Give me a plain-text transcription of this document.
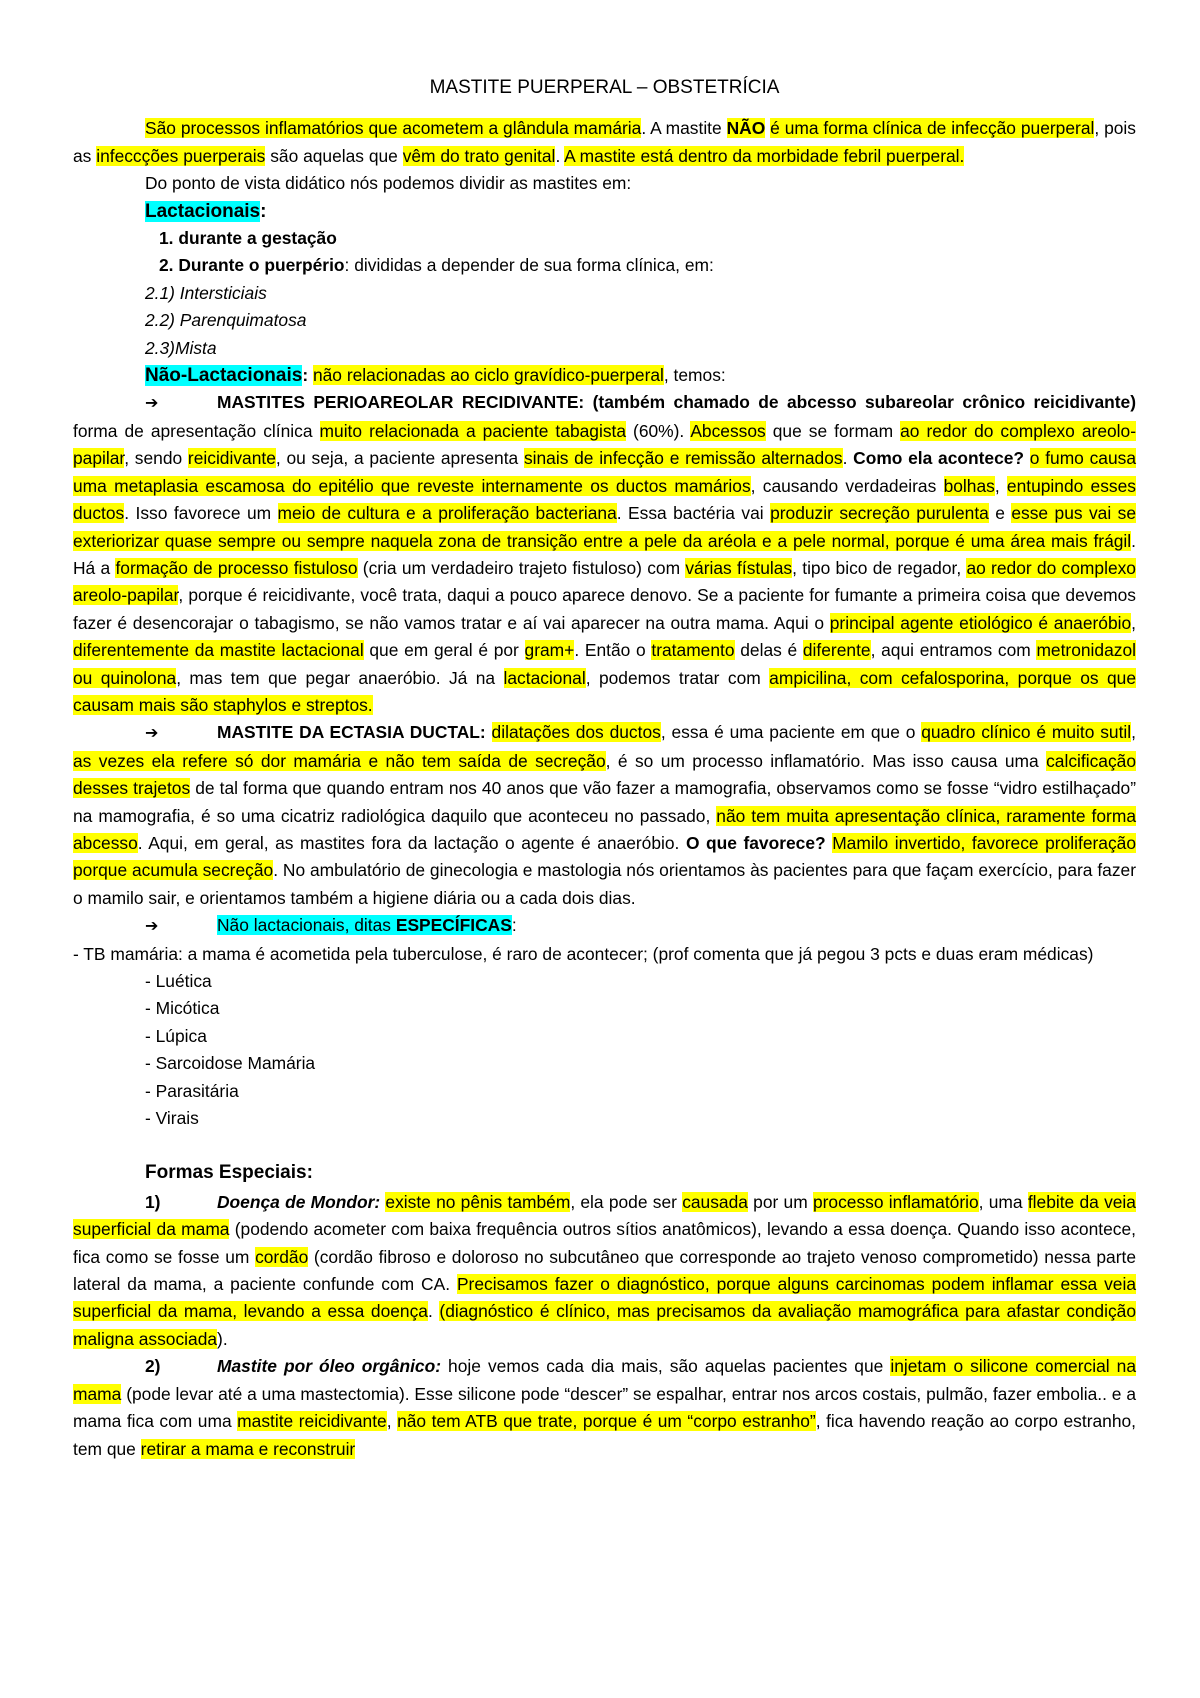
MASTITE PUERPERAL – OBSTETRÍCIA

São processos inflamatórios que acometem a glândula mamária. A mastite NÃO é uma forma clínica de infecção puerperal, pois as infeccções puerperais são aquelas que vêm do trato genital. A mastite está dentro da morbidade febril puerperal.

Do ponto de vista didático nós podemos dividir as mastites em:

Lactacionais:

1. durante a gestação

2. Durante o puerpério: divididas a depender de sua forma clínica, em:

2.1) Intersticiais

2.2) Parenquimatosa

2.3)Mista

Não-Lactacionais: não relacionadas ao ciclo gravídico-puerperal, temos:

➔	MASTITES PERIOAREOLAR RECIDIVANTE: (também chamado de abcesso subareolar crônico reicidivante) forma de apresentação clínica muito relacionada a paciente tabagista (60%). Abcessos que se formam ao redor do complexo areolo-papilar, sendo reicidivante, ou seja, a paciente apresenta sinais de infecção e remissão alternados. Como ela acontece? o fumo causa uma metaplasia escamosa do epitélio que reveste internamente os ductos mamários, causando verdadeiras bolhas, entupindo esses ductos. Isso favorece um meio de cultura e a proliferação bacteriana. Essa bactéria vai produzir secreção purulenta e esse pus vai se exteriorizar quase sempre ou sempre naquela zona de transição entre a pele da aréola e a pele normal, porque é uma área mais frágil. Há a formação de processo fistuloso (cria um verdadeiro trajeto fistuloso) com várias fístulas, tipo bico de regador, ao redor do complexo areolo-papilar, porque é reicidivante, você trata, daqui a pouco aparece denovo. Se a paciente for fumante a primeira coisa que devemos fazer é desencorajar o tabagismo, se não vamos tratar e aí vai aparecer na outra mama. Aqui o principal agente etiológico é anaeróbio, diferentemente da mastite lactacional que em geral é por gram+. Então o tratamento delas é diferente, aqui entramos com metronidazol ou quinolona, mas tem que pegar anaeróbio. Já na lactacional, podemos tratar com ampicilina, com cefalosporina, porque os que causam mais são staphylos e streptos.

➔	MASTITE DA ECTASIA DUCTAL: dilatações dos ductos, essa é uma paciente em que o quadro clínico é muito sutil, as vezes ela refere só dor mamária e não tem saída de secreção, é so um processo inflamatório. Mas isso causa uma calcificação desses trajetos de tal forma que quando entram nos 40 anos que vão fazer a mamografia, observamos como se fosse “vidro estilhaçado” na mamografia, é so uma cicatriz radiológica daquilo que aconteceu no passado, não tem muita apresentação clínica, raramente forma abcesso. Aqui, em geral, as mastites fora da lactação o agente é anaeróbio. O que favorece? Mamilo invertido, favorece proliferação porque acumula secreção. No ambulatório de ginecologia e mastologia nós orientamos às pacientes para que façam exercício, para fazer o mamilo sair, e orientamos também a higiene diária ou a cada dois dias.

➔	Não lactacionais, ditas ESPECÍFICAS:

- TB mamária: a mama é acometida pela tuberculose, é raro de acontecer; (prof comenta que já pegou 3 pcts e duas eram médicas)

- Luética

- Micótica

- Lúpica

- Sarcoidose Mamária

- Parasitária

- Virais

Formas Especiais:

1)	Doença de Mondor: existe no pênis também, ela pode ser causada por um processo inflamatório, uma flebite da veia superficial da mama (podendo acometer com baixa frequência outros sítios anatômicos), levando a essa doença. Quando isso acontece, fica como se fosse um cordão (cordão fibroso e doloroso no subcutâneo que corresponde ao trajeto venoso comprometido) nessa parte lateral da mama, a paciente confunde com CA. Precisamos fazer o diagnóstico, porque alguns carcinomas podem inflamar essa veia superficial da mama, levando a essa doença. (diagnóstico é clínico, mas precisamos da avaliação mamográfica para afastar condição maligna associada).

2)	Mastite por óleo orgânico: hoje vemos cada dia mais, são aquelas pacientes que injetam o silicone comercial na mama (pode levar até a uma mastectomia). Esse silicone pode “descer” se espalhar, entrar nos arcos costais, pulmão, fazer embolia.. e a mama fica com uma mastite reicidivante, não tem ATB que trate, porque é um “corpo estranho”, fica havendo reação ao corpo estranho, tem que retirar a mama e reconstruir
